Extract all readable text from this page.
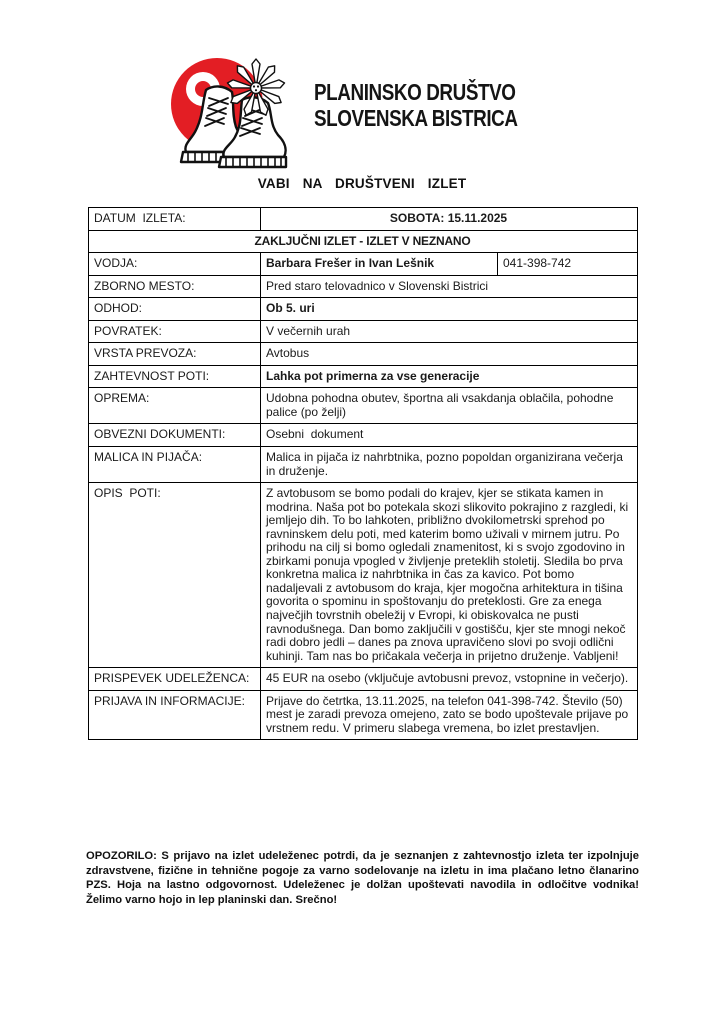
PLANINSKO DRUŠTVO
SLOVENSKA BISTRICA
VABI NA DRUŠTVENI IZLET
DATUM  IZLETA:	SOBOTA: 15.11.2025	
ZAKLJUČNI IZLET - IZLET V NEZNANO		
VODJA:	Barbara Frešer in Ivan Lešnik	041-398-742
ZBORNO MESTO:	Pred staro telovadnico v Slovenski Bistrici	
ODHOD:	Ob 5. uri	
POVRATEK:	V večernih urah	
VRSTA PREVOZA:	Avtobus	
ZAHTEVNOST POTI:	Lahka pot primerna za vse generacije	
OPREMA:	Udobna pohodna obutev, športna ali vsakdanja oblačila, pohodne palice (po želji)	
OBVEZNI DOKUMENTI:	Osebni  dokument	
MALICA IN PIJAČA:	Malica in pijača iz nahrbtnika, pozno popoldan organizirana večerja in druženje.	
OPIS  POTI:	Z avtobusom se bomo podali do krajev, kjer se stikata kamen in modrina. Naša pot bo potekala skozi slikovito pokrajino z razgledi, ki jemljejo dih. To bo lahkoten, približno dvokilometrski sprehod po ravninskem delu poti, med katerim bomo uživali v mirnem jutru. Po prihodu na cilj si bomo ogledali znamenitost, ki s svojo zgodovino in zbirkami ponuja vpogled v življenje preteklih stoletij. Sledila bo prva konkretna malica iz nahrbtnika in čas za kavico. Pot bomo nadaljevali z avtobusom do kraja, kjer mogočna arhitektura in tišina govorita o spominu in spoštovanju do preteklosti. Gre za enega največjih tovrstnih obeležij v Evropi, ki obiskovalca ne pusti ravnodušnega. Dan bomo zaključili v gostišču, kjer ste mnogi nekoč radi dobro jedli – danes pa znova upravičeno slovi po svoji odlični kuhinji. Tam nas bo pričakala večerja in prijetno druženje. Vabljeni!	
PRISPEVEK UDELEŽENCA:	45 EUR na osebo (vključuje avtobusni prevoz, vstopnine in večerjo).	
PRIJAVA IN INFORMACIJE:	Prijave do četrtka, 13.11.2025, na telefon 041-398-742. Število (50) mest je zaradi prevoza omejeno, zato se bodo upoštevale prijave po vrstnem redu. V primeru slabega vremena, bo izlet prestavljen.	
OPOZORILO: S prijavo na izlet udeleženec potrdi, da je seznanjen z zahtevnostjo izleta ter izpolnjuje zdravstvene, fizične in tehnične pogoje za varno sodelovanje na izletu in ima plačano letno članarino PZS. Hoja na lastno odgovornost. Udeleženec je dolžan upoštevati navodila in odločitve vodnika! Želimo varno hojo in lep planinski dan. Srečno!
